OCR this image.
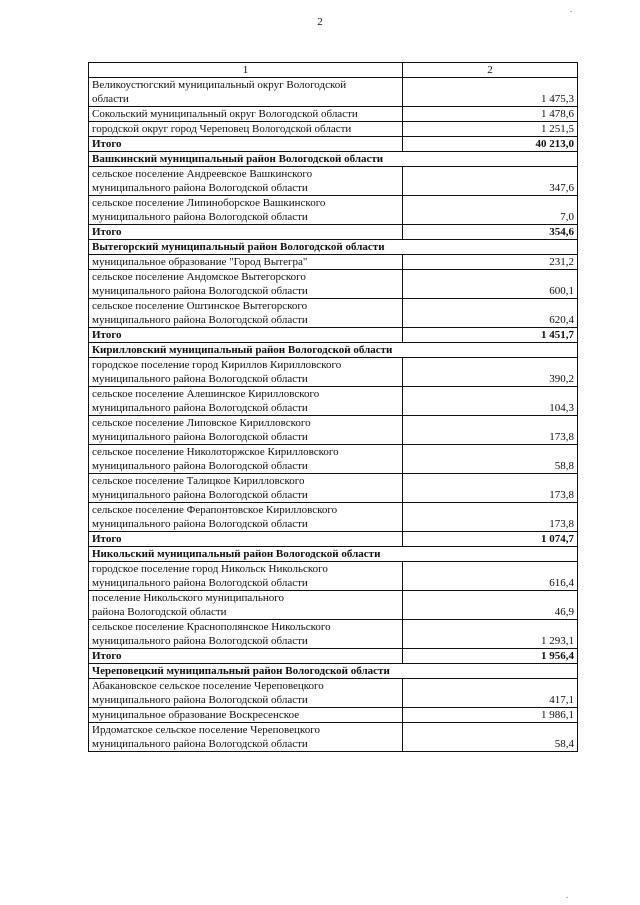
2
1	2
Великоустюгский муниципальный округ Вологодской
области	1 475,3
Сокольский муниципальный округ Вологодской области	1 478,6
городской округ город Череповец Вологодской области	1 251,5
Итого	40 213,0
Вашкинский муниципальный район Вологодской области	
сельское поселение Андреевское Вашкинского
муниципального района Вологодской области	347,6
сельское поселение Липиноборское Вашкинского
муниципального района Вологодской области	7,0
Итого	354,6
Вытегорский муниципальный район Вологодской области	
муниципальное образование "Город Вытегра"	231,2
сельское поселение Андомское Вытегорского
муниципального района Вологодской области	600,1
сельское поселение Оштинское Вытегорского
муниципального района Вологодской области	620,4
Итого	1 451,7
Кирилловский муниципальный район Вологодской области	
городское поселение город Кириллов Кирилловского
муниципального района Вологодской области	390,2
сельское поселение Алешинское Кирилловского
муниципального района Вологодской области	104,3
сельское поселение Липовское Кирилловского
муниципального района Вологодской области	173,8
сельское поселение Николоторжское Кирилловского
муниципального района Вологодской области	58,8
сельское поселение Талицкое Кирилловского
муниципального района Вологодской области	173,8
сельское поселение Ферапонтовское Кирилловского
муниципального района Вологодской области	173,8
Итого	1 074,7
Никольский муниципальный район Вологодской области	
городское поселение город Никольск Никольского
муниципального района Вологодской области	616,4
поселение Никольского муниципального
района Вологодской области	46,9
сельское поселение Краснополянское Никольского
муниципального района Вологодской области	1 293,1
Итого	1 956,4
Череповецкий муниципальный район Вологодской области	
Абакановское сельское поселение Череповецкого
муниципального района Вологодской области	417,1
муниципальное образование Воскресенское	1 986,1
Ирдоматское сельское поселение Череповецкого
муниципального района Вологодской области	58,4
.
.
